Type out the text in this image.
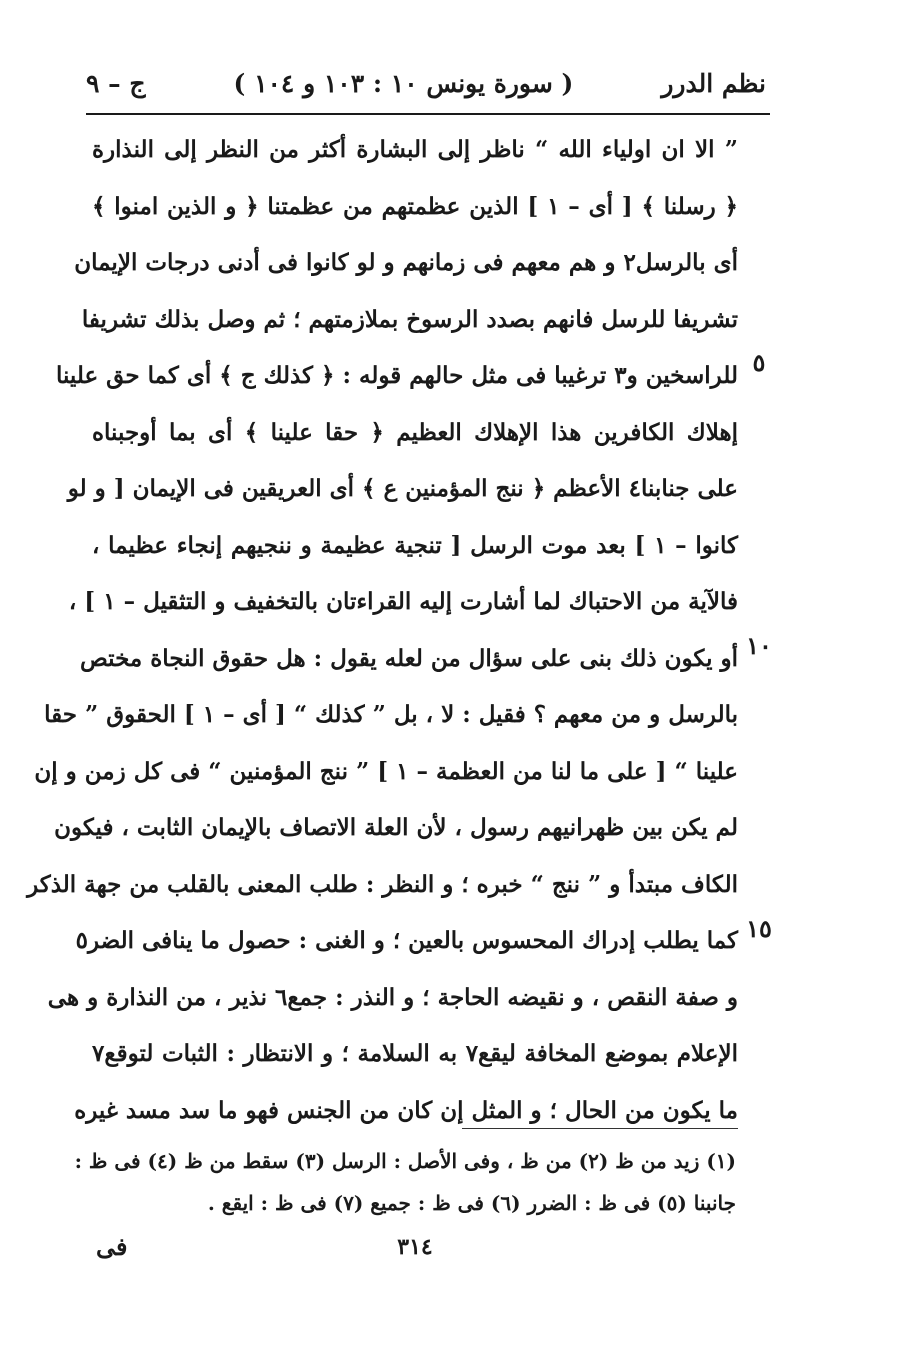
نظم الدرر
( سورة يونس ١٠ : ١٠٣ و ١٠٤ )
ج – ٩
” الا ان اولياء الله “ ناظر إلى البشارة أكثر من النظر إلى النذارة
﴿ رسلنا ﴾ [ أى – ١ ] الذين عظمتهم من عظمتنا ﴿ و الذين امنوا ﴾
أى بالرسل٢ و هم معهم فى زمانهم و لو كانوا فى أدنى درجات الإيمان
تشريفا للرسل فانهم بصدد الرسوخ بملازمتهم ؛ ثم وصل بذلك تشريفا
للراسخين و٣ ترغيبا فى مثل حالهم قوله : ﴿ كذلك ج ﴾ أى كما حق علينا
إهلاك الكافرين هذا الإهلاك العظيم ﴿ حقا علينا ﴾ أى بما أوجبناه
على جنابنا٤ الأعظم ﴿ ننج المؤمنين ع ﴾ أى العريقين فى الإيمان [ و لو
كانوا – ١ ] بعد موت الرسل [ تنجية عظيمة و ننجيهم إنجاء عظيما ،
فالآية من الاحتباك لما أشارت إليه القراءتان بالتخفيف و التثقيل – ١ ] ،
أو يكون ذلك بنى على سؤال من لعله يقول : هل حقوق النجاة مختص
بالرسل و من معهم ؟ فقيل : لا ، بل ” كذلك “ [ أى – ١ ] الحقوق ” حقا
علينا “ [ على ما لنا من العظمة – ١ ] ” ننج المؤمنين “ فى كل زمن و إن
لم يكن بين ظهرانيهم رسول ، لأن العلة الاتصاف بالإيمان الثابت ، فيكون
الكاف مبتدأ و ” ننج “ خبره ؛ و النظر : طلب المعنى بالقلب من جهة الذكر
كما يطلب إدراك المحسوس بالعين ؛ و الغنى : حصول ما ينافى الضر٥
و صفة النقص ، و نقيضه الحاجة ؛ و النذر : جمع٦ نذير ، من النذارة و هى
الإعلام بموضع المخافة ليقع٧ به السلامة ؛ و الانتظار : الثبات لتوقع٧
ما يكون من الحال ؛ و المثل إن كان من الجنس فهو ما سد مسد غيره
٥
١٠
١٥
(١) زيد من ظ (٢) من ظ ، وفى الأصل : الرسل (٣) سقط من ظ (٤) فى ظ :
جانبنا (٥) فى ظ : الضرر (٦) فى ظ : جميع (٧) فى ظ : ايقع .
٣١٤
فى
